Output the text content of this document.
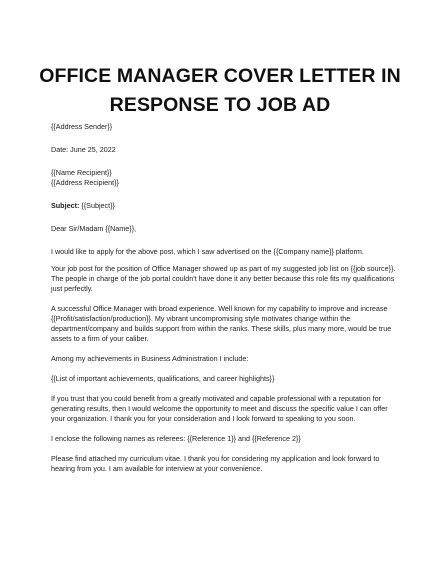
OFFICE MANAGER COVER LETTER IN
RESPONSE TO JOB AD

{{Address Sender}}

Date: June 25, 2022

{{Name Recipient}}

{{Address Recipient}}

Subject: {{Subject}}

Dear Sir/Madam {{Name}},

I would like to apply for the above post, which I saw advertised on the {{Company name}} platform.

Your job post for the position of Office Manager showed up as part of my suggested job list on {{job source}}. The people in charge of the job portal couldn't have done it any better because this role fits my qualifications just perfectly.

A successful Office Manager with broad experience. Well known for my capability to improve and increase {{Profit/satisfaction/production}}. My vibrant uncompromising style motivates change within the department/company and builds support from within the ranks. These skills, plus many more, would be true assets to a firm of your caliber.

Among my achievements in Business Administration I include:

{{List of important achievements, qualifications, and career highlights}}

If you trust that you could benefit from a greatly motivated and capable professional with a reputation for generating results, then I would welcome the opportunity to meet and discuss the specific value I can offer your organization. I thank you for your consideration and I look forward to speaking to you soon.

I enclose the following names as referees: {{Reference 1}} and {{Reference 2}}

Please find attached my curriculum vitae. I thank you for considering my application and look forward to hearing from you. I am available for interview at your convenience.
